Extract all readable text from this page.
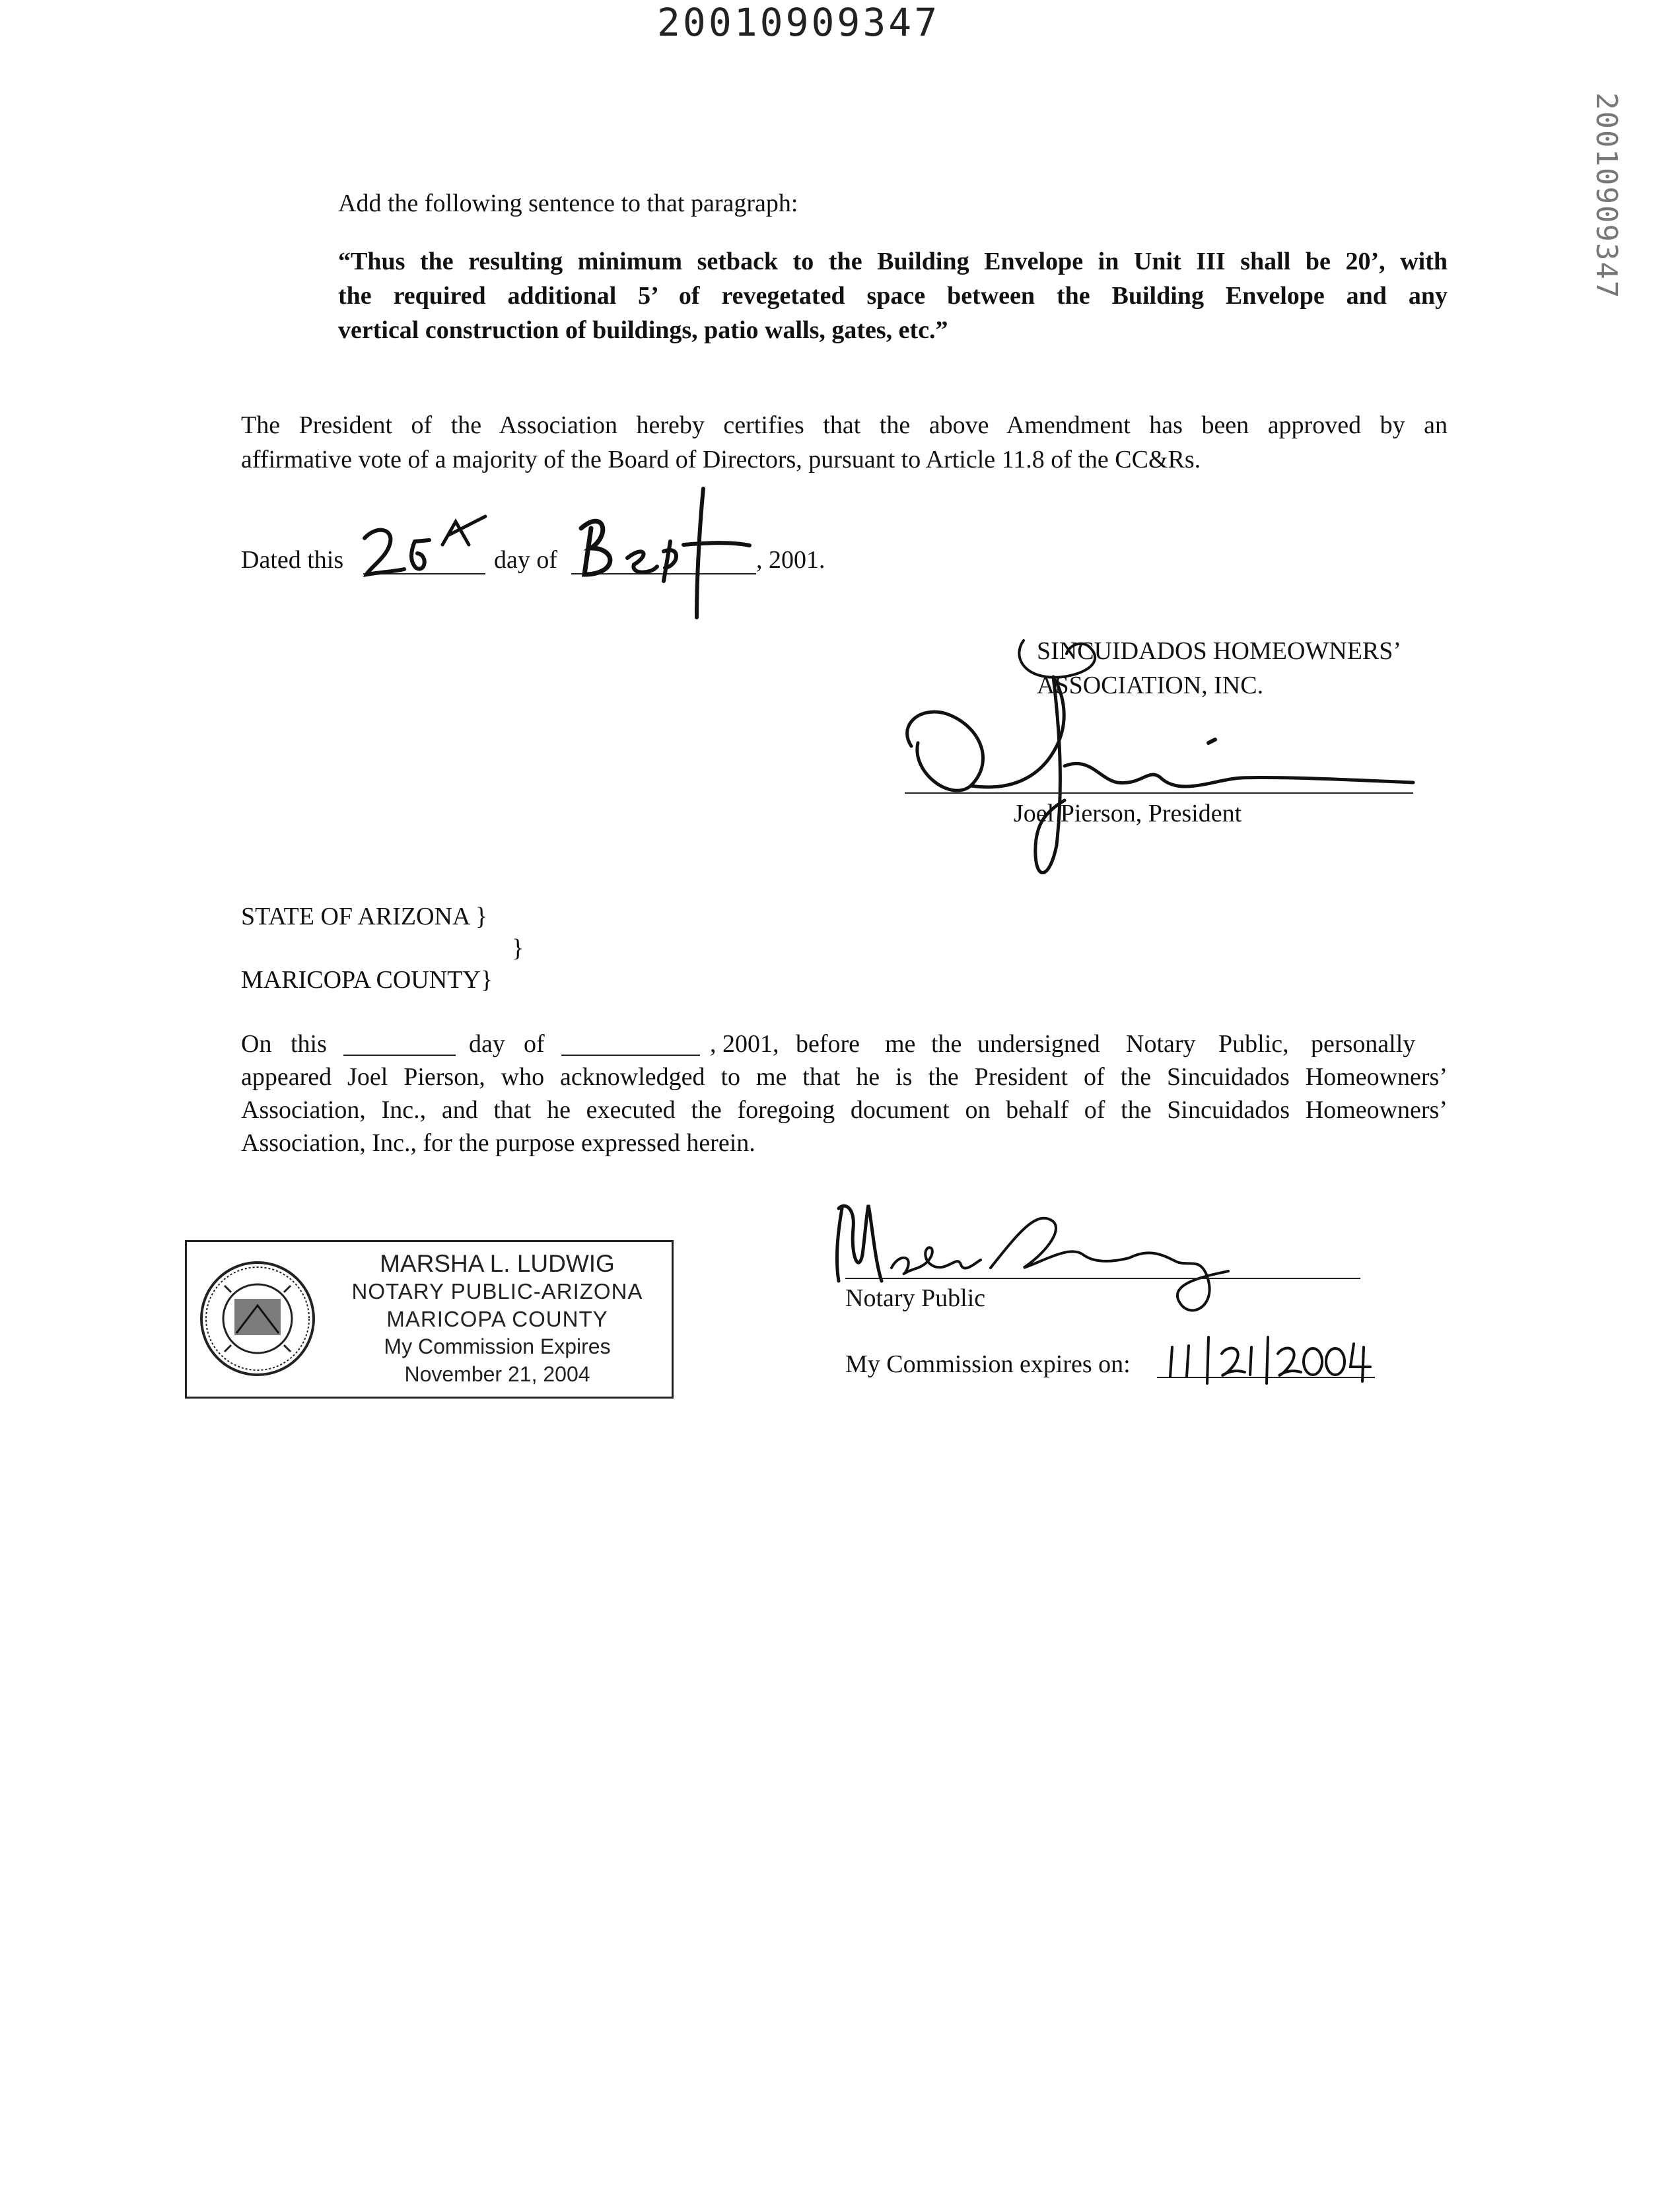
20010909347
20010909347
Add the following sentence to that paragraph:
“Thus the resulting minimum setback to the Building Envelope in Unit III shall be 20’, with
the required additional 5’ of revegetated space between the Building Envelope and any
vertical construction of buildings, patio walls, gates, etc.”
The President of the Association hereby certifies that the above Amendment has been approved by an
affirmative vote of a majority of the Board of Directors, pursuant to Article 11.8 of the CC&Rs.
Dated this	day of	, 2001.
SINCUIDADOS HOMEOWNERS’
ASSOCIATION, INC.
Joel Pierson, President
STATE OF ARIZONA }
}
MARICOPA COUNTY}
On this	day of	, 2001, before me the undersigned Notary Public, personally
appeared Joel Pierson, who acknowledged to me that he is the President of the Sincuidados Homeowners’
Association, Inc., and that he executed the foregoing document on behalf of the Sincuidados Homeowners’
Association, Inc., for the purpose expressed herein.
MARSHA L. LUDWIG
NOTARY PUBLIC-ARIZONA
MARICOPA COUNTY
My Commission Expires
November 21, 2004
Notary Public
My Commission expires on:
